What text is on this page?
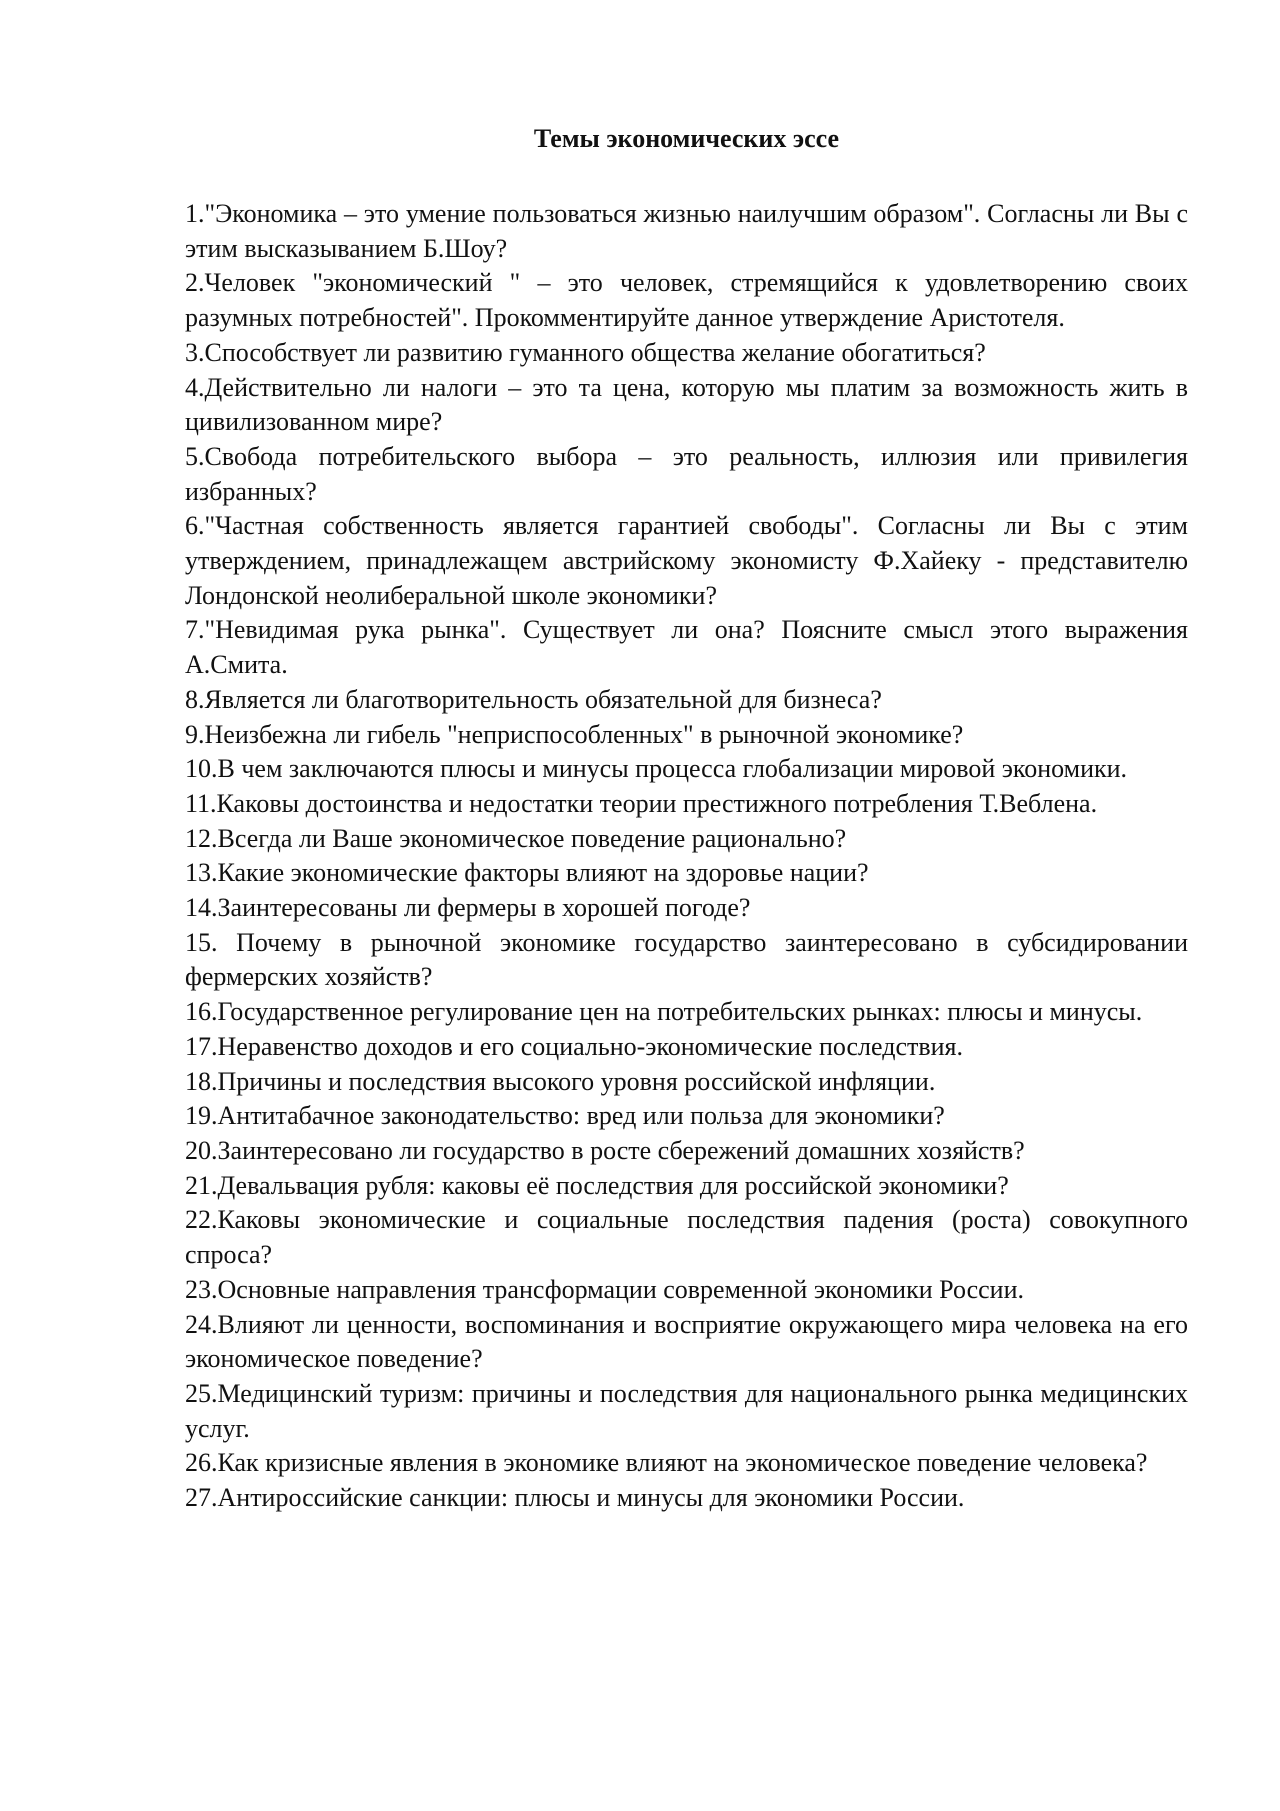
Темы экономических эссе
1."Экономика – это умение пользоваться жизнью наилучшим образом". Согласны ли Вы с этим высказыванием Б.Шоу?
2.Человек "экономический " – это человек, стремящийся к удовлетворению своих разумных потребностей". Прокомментируйте данное утверждение Аристотеля.
3.Способствует ли развитию гуманного общества желание обогатиться?
4.Действительно ли налоги – это та цена, которую мы платим за возможность жить в цивилизованном мире?
5.Свобода потребительского выбора – это реальность, иллюзия или привилегия избранных?
6."Частная собственность является гарантией свободы". Согласны ли Вы с этим утверждением, принадлежащем австрийскому экономисту Ф.Хайеку - представителю Лондонской неолиберальной школе экономики?
7."Невидимая рука рынка". Существует ли она? Поясните смысл этого выражения А.Смита.
8.Является ли благотворительность обязательной для бизнеса?
9.Неизбежна ли гибель "неприспособленных" в рыночной экономике?
10.В чем заключаются плюсы и минусы процесса глобализации мировой экономики.
11.Каковы достоинства и недостатки теории престижного потребления Т.Веблена.
12.Всегда ли Ваше экономическое поведение рационально?
13.Какие экономические факторы влияют на здоровье нации?
14.Заинтересованы ли фермеры в хорошей погоде?
15. Почему в рыночной экономике государство заинтересовано в субсидировании фермерских хозяйств?
16.Государственное регулирование цен на потребительских рынках: плюсы и минусы.
17.Неравенство доходов и его социально-экономические последствия.
18.Причины и последствия высокого уровня российской инфляции.
19.Антитабачное законодательство: вред или польза для экономики?
20.Заинтересовано ли государство в росте сбережений домашних хозяйств?
21.Девальвация рубля: каковы её последствия для российской экономики?
22.Каковы экономические и социальные последствия падения (роста) совокупного спроса?
23.Основные направления трансформации современной экономики России.
24.Влияют ли ценности, воспоминания и восприятие окружающего мира человека на его экономическое поведение?
25.Медицинский туризм: причины и последствия для национального рынка медицинских услуг.
26.Как кризисные явления в экономике влияют на экономическое поведение человека?
27.Антироссийские санкции: плюсы и минусы для экономики России.
